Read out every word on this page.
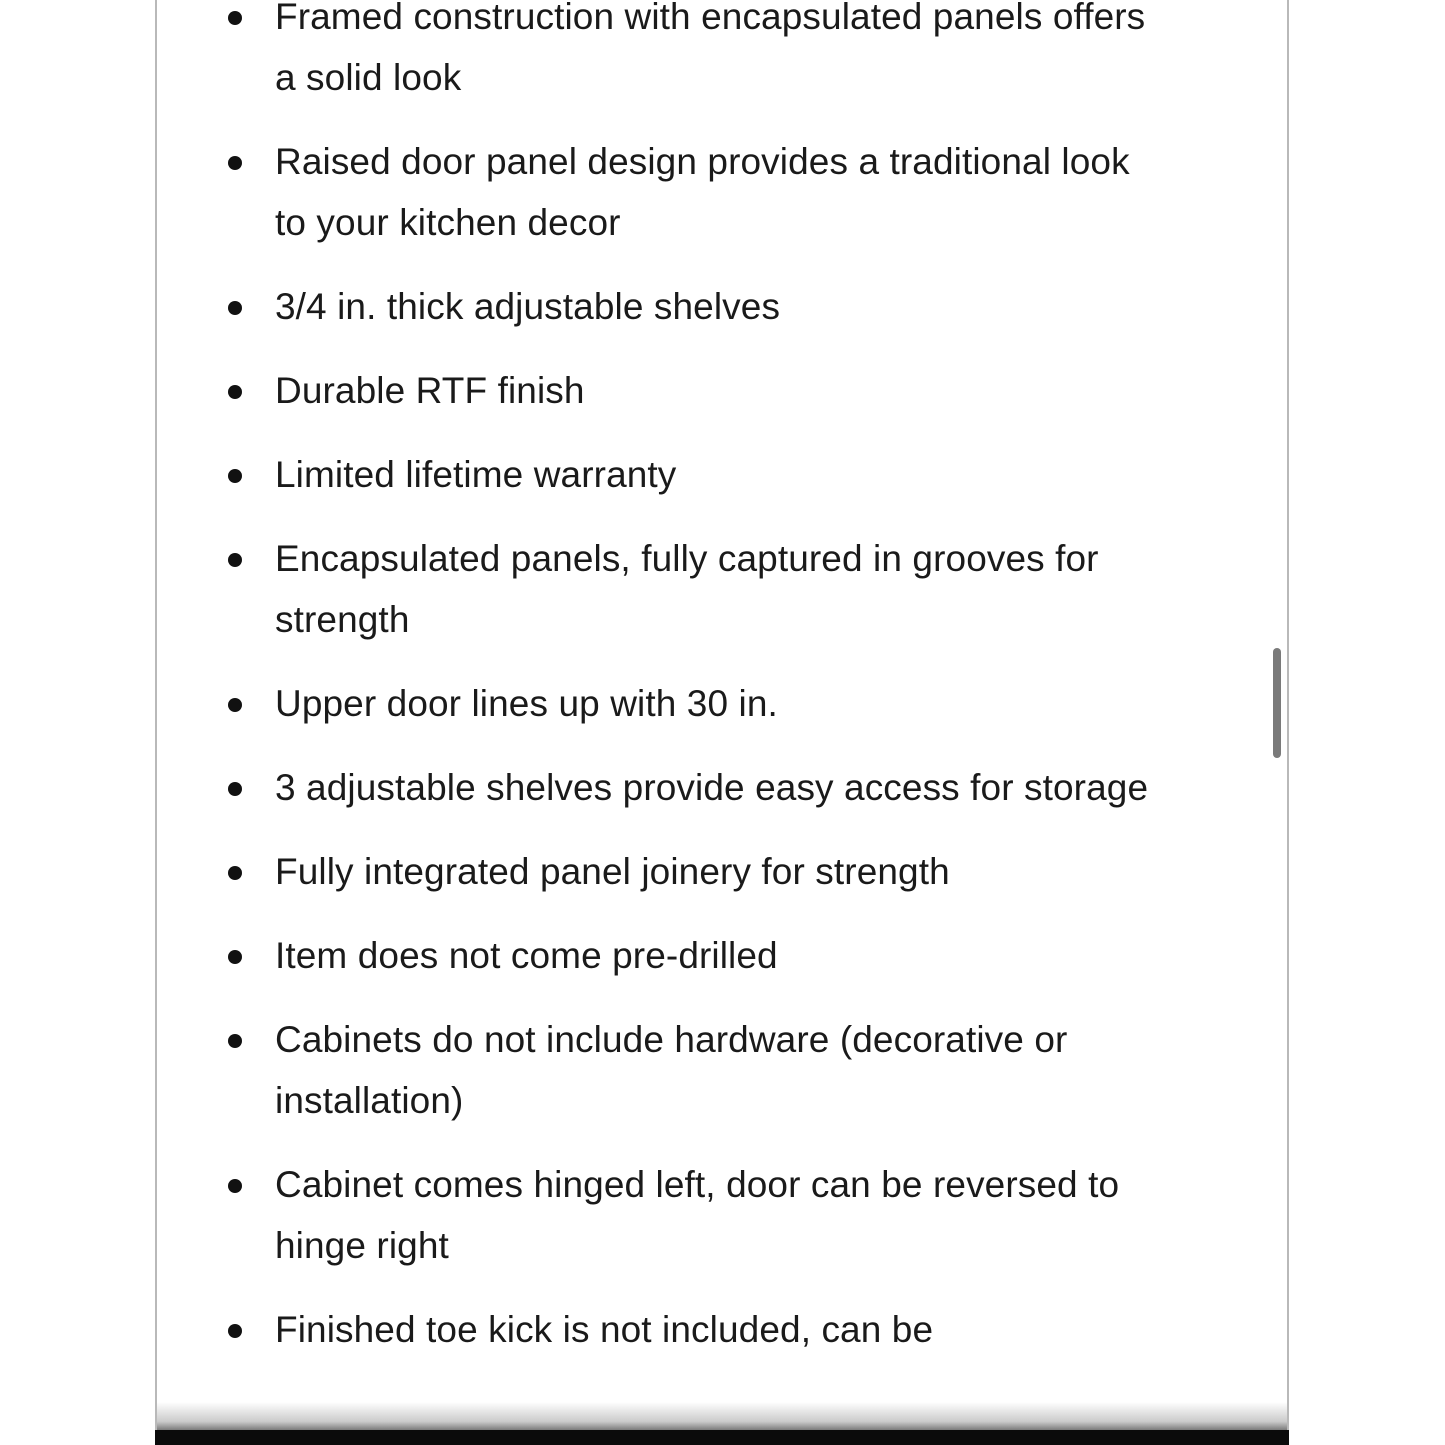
Framed construction with encapsulated panels offers a solid look
Raised door panel design provides a traditional look to your kitchen decor
3/4 in. thick adjustable shelves
Durable RTF finish
Limited lifetime warranty
Encapsulated panels, fully captured in grooves for strength
Upper door lines up with 30 in.
3 adjustable shelves provide easy access for storage
Fully integrated panel joinery for strength
Item does not come pre-drilled
Cabinets do not include hardware (decorative or installation)
Cabinet comes hinged left, door can be reversed to hinge right
Finished toe kick is not included, can be
